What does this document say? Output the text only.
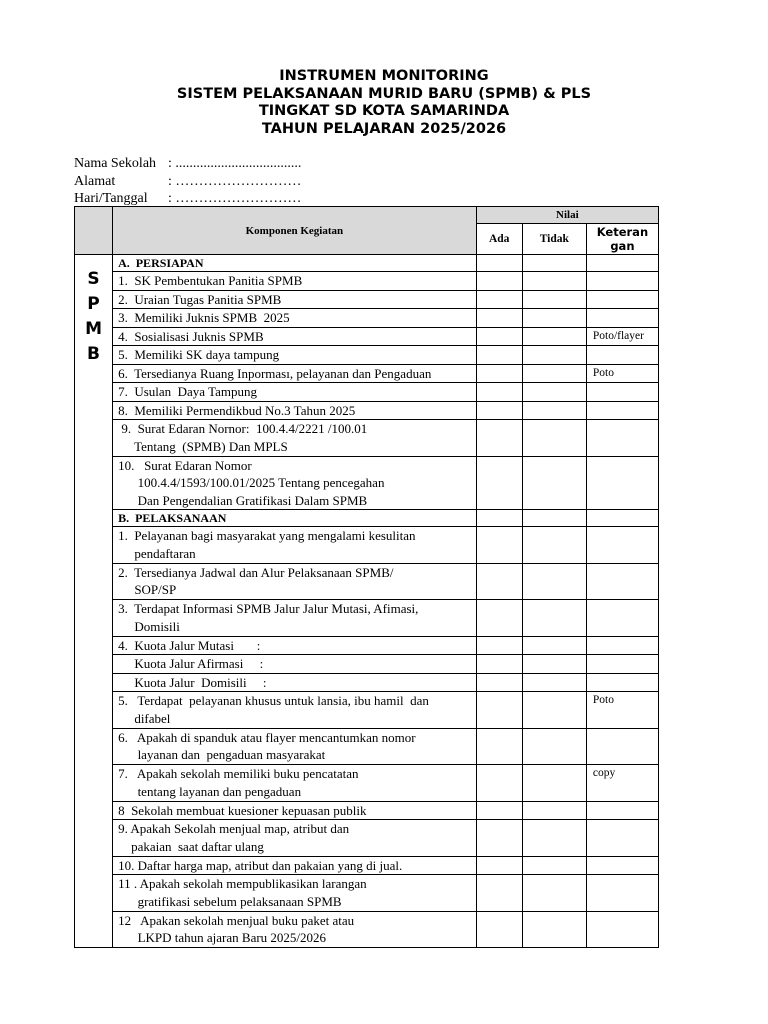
INSTRUMEN MONITORING
SISTEM PELAKSANAAN MURID BARU (SPMB) & PLS
TINGKAT SD KOTA SAMARINDA
TAHUN PELAJARAN 2025/2026
Nama Sekolah : ....................................
Alamat	: ………………………
Hari/Tanggal	: ………………………
	Komponen Kegiatan	Nilai		
		Ada	Tidak	Keteran
gan

S
P
M
B	A.  PERSIAPAN			

	1.  SK Pembentukan Panitia SPMB			

	2.  Uraian Tugas Panitia SPMB			

	3.  Memiliki Juknis SPMB  2025			

	4.  Sosialisasi Juknis SPMB			Poto/flayer

	5.  Memiliki SK daya tampung			

	6.  Tersedianya Ruang Inporması, pelayanan dan Pengaduan			Poto

	7.  Usulan  Daya Tampung			

	8.  Memiliki Permendikbud No.3 Tahun 2025			

	9.  Surat Edaran Nornor:  100.4.4/2221 /100.01
Tentang  (SPMB) Dan MPLS			

	10.   Surat Edaran Nomor
100.4.4/1593/100.01/2025 Tentang pencegahan
Dan Pengendalian Gratifikasi Dalam SPMB			

	B.  PELAKSANAAN			

	1.  Pelayanan bagi masyarakat yang mengalami kesulitan
pendaftaran			

	2.  Tersedianya Jadwal dan Alur Pelaksanaan SPMB/
SOP/SP			

	3.  Terdapat Informasi SPMB Jalur Jalur Mutasi, Afimasi,
Domisili			

	4.  Kuota Jalur Mutasi       :			

	Kuota Jalur Afirmasi     :			

	Kuota Jalur  Domisili     :			

	5.   Terdapat  pelayanan khusus untuk lansia, ibu hamil  dan
difabel			Poto

	6.   Apakah di spanduk atau flayer mencantumkan nomor
layanan dan  pengaduan masyarakat			

	7.   Apakah sekolah memiliki buku pencatatan
tentang layanan dan pengaduan			copy

	8  Sekolah membuat kuesioner kepuasan publik			

	9. Apakah Sekolah menjual map, atribut dan
pakaian  saat daftar ulang			

	10. Daftar harga map, atribut dan pakaian yang di jual.			

	11 . Apakah sekolah mempublikasikan larangan
gratifikasi sebelum pelaksanaan SPMB			

	12   Apakan sekolah menjual buku paket atau
LKPD tahun ajaran Baru 2025/2026			
